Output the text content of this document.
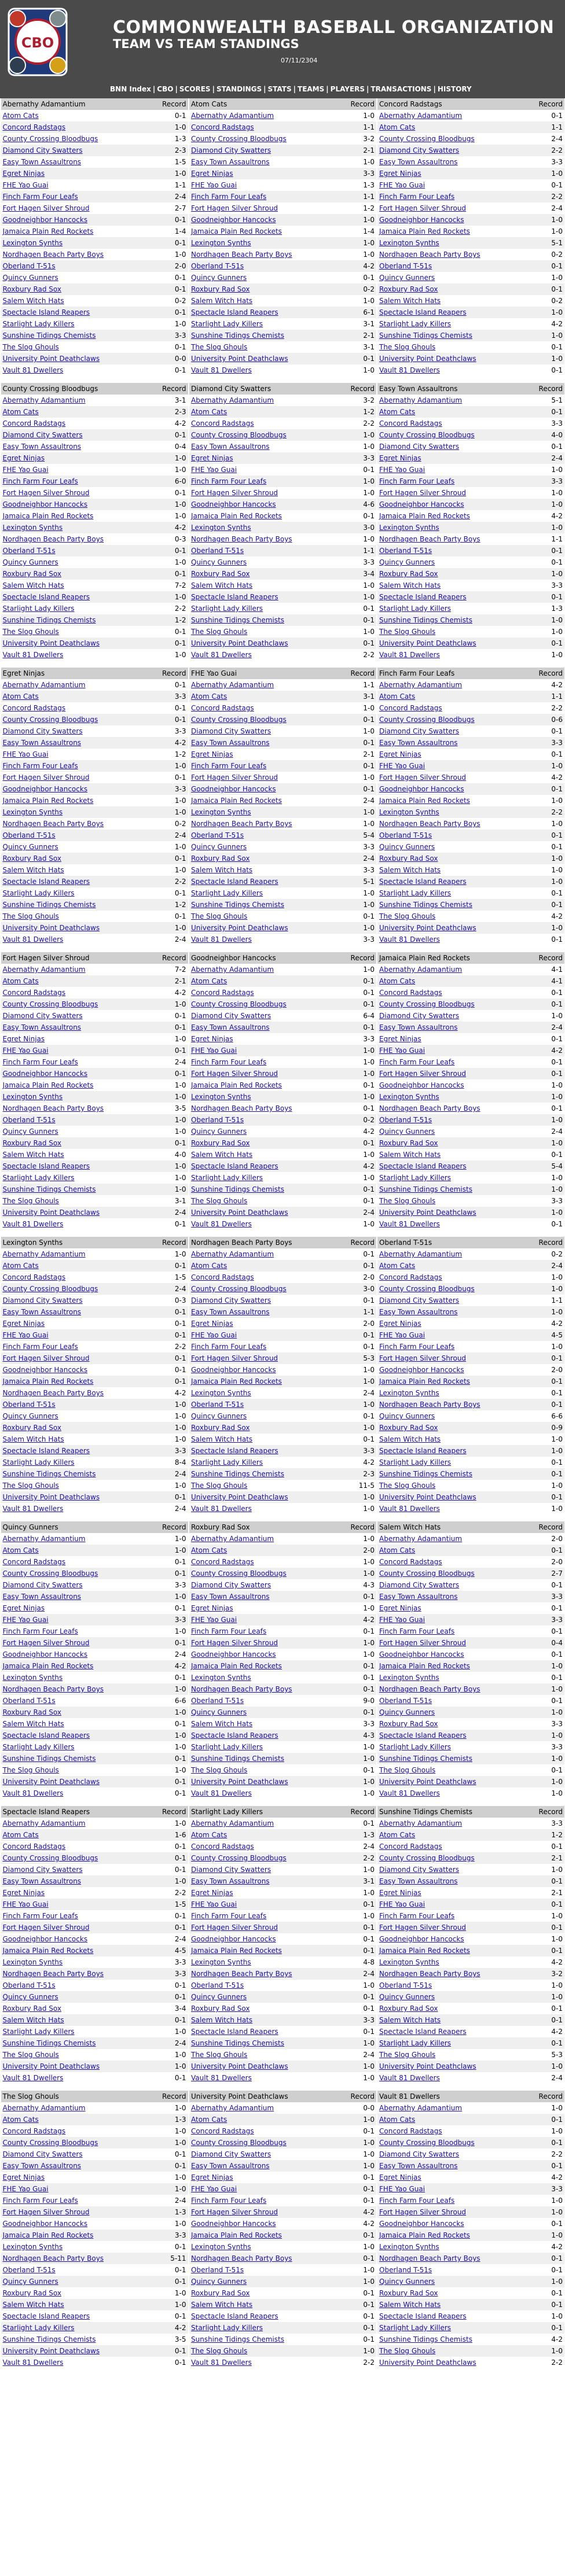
CBO
COMMONWEALTH BASEBALL ORGANIZATION
TEAM VS TEAM STANDINGS
07/11/2304
BNN Index | CBO | SCORES | STANDINGS | STATS | TEAMS | PLAYERS | TRANSACTIONS | HISTORY
Abernathy Adamantium	Record
Atom Cats	0-1
Concord Radstags	1-0
County Crossing Bloodbugs	1-3
Diamond City Swatters	2-3
Easy Town Assaultrons	1-5
Egret Ninjas	1-0
FHE Yao Guai	1-1
Finch Farm Four Leafs	2-4
Fort Hagen Silver Shroud	2-7
Goodneighbor Hancocks	0-1
Jamaica Plain Red Rockets	1-4
Lexington Synths	0-1
Nordhagen Beach Party Boys	1-0
Oberland T-51s	2-0
Quincy Gunners	0-1
Roxbury Rad Sox	0-1
Salem Witch Hats	0-2
Spectacle Island Reapers	0-1
Starlight Lady Killers	1-0
Sunshine Tidings Chemists	3-3
The Slog Ghouls	0-1
University Point Deathclaws	0-0
Vault 81 Dwellers	0-1
Atom Cats	Record
Abernathy Adamantium	1-0
Concord Radstags	1-1
County Crossing Bloodbugs	3-2
Diamond City Swatters	2-1
Easy Town Assaultrons	1-0
Egret Ninjas	3-3
FHE Yao Guai	1-3
Finch Farm Four Leafs	1-1
Fort Hagen Silver Shroud	1-2
Goodneighbor Hancocks	1-0
Jamaica Plain Red Rockets	1-4
Lexington Synths	1-0
Nordhagen Beach Party Boys	1-0
Oberland T-51s	4-2
Quincy Gunners	0-1
Roxbury Rad Sox	0-2
Salem Witch Hats	1-0
Spectacle Island Reapers	6-1
Starlight Lady Killers	3-1
Sunshine Tidings Chemists	2-1
The Slog Ghouls	3-1
University Point Deathclaws	0-1
Vault 81 Dwellers	1-0
Concord Radstags	Record
Abernathy Adamantium	0-1
Atom Cats	1-1
County Crossing Bloodbugs	2-4
Diamond City Swatters	2-2
Easy Town Assaultrons	3-3
Egret Ninjas	1-0
FHE Yao Guai	0-1
Finch Farm Four Leafs	2-2
Fort Hagen Silver Shroud	2-4
Goodneighbor Hancocks	1-0
Jamaica Plain Red Rockets	1-0
Lexington Synths	5-1
Nordhagen Beach Party Boys	0-2
Oberland T-51s	0-1
Quincy Gunners	1-0
Roxbury Rad Sox	0-1
Salem Witch Hats	0-2
Spectacle Island Reapers	1-0
Starlight Lady Killers	4-2
Sunshine Tidings Chemists	1-0
The Slog Ghouls	0-1
University Point Deathclaws	1-0
Vault 81 Dwellers	0-1
County Crossing Bloodbugs	Record
Abernathy Adamantium	3-1
Atom Cats	2-3
Concord Radstags	4-2
Diamond City Swatters	0-1
Easy Town Assaultrons	0-4
Egret Ninjas	1-0
FHE Yao Guai	1-0
Finch Farm Four Leafs	6-0
Fort Hagen Silver Shroud	0-1
Goodneighbor Hancocks	1-0
Jamaica Plain Red Rockets	1-0
Lexington Synths	4-2
Nordhagen Beach Party Boys	0-3
Oberland T-51s	0-1
Quincy Gunners	1-0
Roxbury Rad Sox	0-1
Salem Witch Hats	7-2
Spectacle Island Reapers	1-0
Starlight Lady Killers	2-2
Sunshine Tidings Chemists	1-2
The Slog Ghouls	0-1
University Point Deathclaws	0-1
Vault 81 Dwellers	1-0
Diamond City Swatters	Record
Abernathy Adamantium	3-2
Atom Cats	1-2
Concord Radstags	2-2
County Crossing Bloodbugs	1-0
Easy Town Assaultrons	1-0
Egret Ninjas	3-3
FHE Yao Guai	0-1
Finch Farm Four Leafs	1-0
Fort Hagen Silver Shroud	1-0
Goodneighbor Hancocks	4-6
Jamaica Plain Red Rockets	0-1
Lexington Synths	3-0
Nordhagen Beach Party Boys	1-0
Oberland T-51s	1-1
Quincy Gunners	3-3
Roxbury Rad Sox	3-4
Salem Witch Hats	1-0
Spectacle Island Reapers	1-0
Starlight Lady Killers	0-1
Sunshine Tidings Chemists	0-1
The Slog Ghouls	1-0
University Point Deathclaws	0-1
Vault 81 Dwellers	2-2
Easy Town Assaultrons	Record
Abernathy Adamantium	5-1
Atom Cats	0-1
Concord Radstags	3-3
County Crossing Bloodbugs	4-0
Diamond City Swatters	0-1
Egret Ninjas	2-4
FHE Yao Guai	1-0
Finch Farm Four Leafs	3-3
Fort Hagen Silver Shroud	1-0
Goodneighbor Hancocks	1-0
Jamaica Plain Red Rockets	4-2
Lexington Synths	1-0
Nordhagen Beach Party Boys	1-1
Oberland T-51s	0-1
Quincy Gunners	0-1
Roxbury Rad Sox	1-0
Salem Witch Hats	3-3
Spectacle Island Reapers	0-1
Starlight Lady Killers	1-3
Sunshine Tidings Chemists	1-0
The Slog Ghouls	1-0
University Point Deathclaws	0-1
Vault 81 Dwellers	1-0
Egret Ninjas	Record
Abernathy Adamantium	0-1
Atom Cats	3-3
Concord Radstags	0-1
County Crossing Bloodbugs	0-1
Diamond City Swatters	3-3
Easy Town Assaultrons	4-2
FHE Yao Guai	1-2
Finch Farm Four Leafs	1-0
Fort Hagen Silver Shroud	0-1
Goodneighbor Hancocks	3-3
Jamaica Plain Red Rockets	1-0
Lexington Synths	1-0
Nordhagen Beach Party Boys	0-2
Oberland T-51s	2-4
Quincy Gunners	1-0
Roxbury Rad Sox	0-1
Salem Witch Hats	1-0
Spectacle Island Reapers	2-2
Starlight Lady Killers	0-1
Sunshine Tidings Chemists	1-2
The Slog Ghouls	0-1
University Point Deathclaws	1-0
Vault 81 Dwellers	2-4
FHE Yao Guai	Record
Abernathy Adamantium	1-1
Atom Cats	3-1
Concord Radstags	1-0
County Crossing Bloodbugs	0-1
Diamond City Swatters	1-0
Easy Town Assaultrons	0-1
Egret Ninjas	2-1
Finch Farm Four Leafs	0-1
Fort Hagen Silver Shroud	1-0
Goodneighbor Hancocks	0-1
Jamaica Plain Red Rockets	2-4
Lexington Synths	1-0
Nordhagen Beach Party Boys	1-0
Oberland T-51s	5-4
Quincy Gunners	3-3
Roxbury Rad Sox	2-4
Salem Witch Hats	3-3
Spectacle Island Reapers	5-1
Starlight Lady Killers	1-0
Sunshine Tidings Chemists	1-0
The Slog Ghouls	0-1
University Point Deathclaws	1-0
Vault 81 Dwellers	3-3
Finch Farm Four Leafs	Record
Abernathy Adamantium	4-2
Atom Cats	1-1
Concord Radstags	2-2
County Crossing Bloodbugs	0-6
Diamond City Swatters	0-1
Easy Town Assaultrons	3-3
Egret Ninjas	0-1
FHE Yao Guai	1-0
Fort Hagen Silver Shroud	4-2
Goodneighbor Hancocks	0-1
Jamaica Plain Red Rockets	1-0
Lexington Synths	2-2
Nordhagen Beach Party Boys	1-0
Oberland T-51s	0-1
Quincy Gunners	0-1
Roxbury Rad Sox	1-0
Salem Witch Hats	1-0
Spectacle Island Reapers	1-0
Starlight Lady Killers	0-1
Sunshine Tidings Chemists	0-1
The Slog Ghouls	4-2
University Point Deathclaws	1-0
Vault 81 Dwellers	0-1
Fort Hagen Silver Shroud	Record
Abernathy Adamantium	7-2
Atom Cats	2-1
Concord Radstags	4-2
County Crossing Bloodbugs	1-0
Diamond City Swatters	0-1
Easy Town Assaultrons	0-1
Egret Ninjas	1-0
FHE Yao Guai	0-1
Finch Farm Four Leafs	2-4
Goodneighbor Hancocks	0-1
Jamaica Plain Red Rockets	1-0
Lexington Synths	1-0
Nordhagen Beach Party Boys	3-5
Oberland T-51s	1-0
Quincy Gunners	1-0
Roxbury Rad Sox	0-1
Salem Witch Hats	4-0
Spectacle Island Reapers	1-0
Starlight Lady Killers	1-0
Sunshine Tidings Chemists	1-0
The Slog Ghouls	3-1
University Point Deathclaws	2-4
Vault 81 Dwellers	0-1
Goodneighbor Hancocks	Record
Abernathy Adamantium	1-0
Atom Cats	0-1
Concord Radstags	0-1
County Crossing Bloodbugs	0-1
Diamond City Swatters	6-4
Easy Town Assaultrons	0-1
Egret Ninjas	3-3
FHE Yao Guai	1-0
Finch Farm Four Leafs	1-0
Fort Hagen Silver Shroud	1-0
Jamaica Plain Red Rockets	0-1
Lexington Synths	1-0
Nordhagen Beach Party Boys	0-1
Oberland T-51s	0-2
Quincy Gunners	4-2
Roxbury Rad Sox	0-1
Salem Witch Hats	1-0
Spectacle Island Reapers	4-2
Starlight Lady Killers	1-0
Sunshine Tidings Chemists	0-1
The Slog Ghouls	0-1
University Point Deathclaws	2-4
Vault 81 Dwellers	1-0
Jamaica Plain Red Rockets	Record
Abernathy Adamantium	4-1
Atom Cats	4-1
Concord Radstags	0-1
County Crossing Bloodbugs	0-1
Diamond City Swatters	1-0
Easy Town Assaultrons	2-4
Egret Ninjas	0-1
FHE Yao Guai	4-2
Finch Farm Four Leafs	0-1
Fort Hagen Silver Shroud	0-1
Goodneighbor Hancocks	1-0
Lexington Synths	1-0
Nordhagen Beach Party Boys	0-1
Oberland T-51s	1-0
Quincy Gunners	2-4
Roxbury Rad Sox	1-0
Salem Witch Hats	0-1
Spectacle Island Reapers	5-4
Starlight Lady Killers	1-0
Sunshine Tidings Chemists	1-0
The Slog Ghouls	3-3
University Point Deathclaws	1-0
Vault 81 Dwellers	0-1
Lexington Synths	Record
Abernathy Adamantium	1-0
Atom Cats	0-1
Concord Radstags	1-5
County Crossing Bloodbugs	2-4
Diamond City Swatters	0-3
Easy Town Assaultrons	0-1
Egret Ninjas	0-1
FHE Yao Guai	0-1
Finch Farm Four Leafs	2-2
Fort Hagen Silver Shroud	0-1
Goodneighbor Hancocks	0-1
Jamaica Plain Red Rockets	0-1
Nordhagen Beach Party Boys	4-2
Oberland T-51s	1-0
Quincy Gunners	1-0
Roxbury Rad Sox	1-0
Salem Witch Hats	1-0
Spectacle Island Reapers	3-3
Starlight Lady Killers	8-4
Sunshine Tidings Chemists	2-4
The Slog Ghouls	1-0
University Point Deathclaws	0-1
Vault 81 Dwellers	2-4
Nordhagen Beach Party Boys	Record
Abernathy Adamantium	0-1
Atom Cats	0-1
Concord Radstags	2-0
County Crossing Bloodbugs	3-0
Diamond City Swatters	0-1
Easy Town Assaultrons	1-1
Egret Ninjas	2-0
FHE Yao Guai	0-1
Finch Farm Four Leafs	0-1
Fort Hagen Silver Shroud	5-3
Goodneighbor Hancocks	1-0
Jamaica Plain Red Rockets	1-0
Lexington Synths	2-4
Oberland T-51s	1-0
Quincy Gunners	0-1
Roxbury Rad Sox	1-0
Salem Witch Hats	0-1
Spectacle Island Reapers	3-3
Starlight Lady Killers	4-2
Sunshine Tidings Chemists	2-3
The Slog Ghouls	11-5
University Point Deathclaws	1-0
Vault 81 Dwellers	1-0
Oberland T-51s	Record
Abernathy Adamantium	0-2
Atom Cats	2-4
Concord Radstags	1-0
County Crossing Bloodbugs	1-0
Diamond City Swatters	1-1
Easy Town Assaultrons	1-0
Egret Ninjas	4-2
FHE Yao Guai	4-5
Finch Farm Four Leafs	1-0
Fort Hagen Silver Shroud	0-1
Goodneighbor Hancocks	2-0
Jamaica Plain Red Rockets	0-1
Lexington Synths	0-1
Nordhagen Beach Party Boys	0-1
Quincy Gunners	6-6
Roxbury Rad Sox	0-9
Salem Witch Hats	1-0
Spectacle Island Reapers	1-0
Starlight Lady Killers	0-1
Sunshine Tidings Chemists	0-1
The Slog Ghouls	1-0
University Point Deathclaws	0-1
Vault 81 Dwellers	1-0
Quincy Gunners	Record
Abernathy Adamantium	1-0
Atom Cats	1-0
Concord Radstags	0-1
County Crossing Bloodbugs	0-1
Diamond City Swatters	3-3
Easy Town Assaultrons	1-0
Egret Ninjas	0-1
FHE Yao Guai	3-3
Finch Farm Four Leafs	1-0
Fort Hagen Silver Shroud	0-1
Goodneighbor Hancocks	2-4
Jamaica Plain Red Rockets	4-2
Lexington Synths	0-1
Nordhagen Beach Party Boys	1-0
Oberland T-51s	6-6
Roxbury Rad Sox	1-0
Salem Witch Hats	0-1
Spectacle Island Reapers	1-0
Starlight Lady Killers	1-0
Sunshine Tidings Chemists	0-1
The Slog Ghouls	1-0
University Point Deathclaws	0-1
Vault 81 Dwellers	0-1
Roxbury Rad Sox	Record
Abernathy Adamantium	1-0
Atom Cats	2-0
Concord Radstags	1-0
County Crossing Bloodbugs	1-0
Diamond City Swatters	4-3
Easy Town Assaultrons	0-1
Egret Ninjas	1-0
FHE Yao Guai	4-2
Finch Farm Four Leafs	0-1
Fort Hagen Silver Shroud	1-0
Goodneighbor Hancocks	1-0
Jamaica Plain Red Rockets	0-1
Lexington Synths	0-1
Nordhagen Beach Party Boys	0-1
Oberland T-51s	9-0
Quincy Gunners	0-1
Salem Witch Hats	3-3
Spectacle Island Reapers	4-3
Starlight Lady Killers	1-0
Sunshine Tidings Chemists	1-0
The Slog Ghouls	0-1
University Point Deathclaws	1-0
Vault 81 Dwellers	1-0
Salem Witch Hats	Record
Abernathy Adamantium	2-0
Atom Cats	0-1
Concord Radstags	2-0
County Crossing Bloodbugs	2-7
Diamond City Swatters	0-1
Easy Town Assaultrons	3-3
Egret Ninjas	0-1
FHE Yao Guai	3-3
Finch Farm Four Leafs	0-1
Fort Hagen Silver Shroud	0-4
Goodneighbor Hancocks	0-1
Jamaica Plain Red Rockets	1-0
Lexington Synths	0-1
Nordhagen Beach Party Boys	1-0
Oberland T-51s	0-1
Quincy Gunners	1-0
Roxbury Rad Sox	3-3
Spectacle Island Reapers	1-0
Starlight Lady Killers	3-3
Sunshine Tidings Chemists	1-0
The Slog Ghouls	0-1
University Point Deathclaws	1-0
Vault 81 Dwellers	1-0
Spectacle Island Reapers	Record
Abernathy Adamantium	1-0
Atom Cats	1-6
Concord Radstags	0-1
County Crossing Bloodbugs	0-1
Diamond City Swatters	0-1
Easy Town Assaultrons	1-0
Egret Ninjas	2-2
FHE Yao Guai	1-5
Finch Farm Four Leafs	0-1
Fort Hagen Silver Shroud	0-1
Goodneighbor Hancocks	2-4
Jamaica Plain Red Rockets	4-5
Lexington Synths	3-3
Nordhagen Beach Party Boys	3-3
Oberland T-51s	0-1
Quincy Gunners	0-1
Roxbury Rad Sox	3-4
Salem Witch Hats	0-1
Starlight Lady Killers	1-0
Sunshine Tidings Chemists	2-4
The Slog Ghouls	1-0
University Point Deathclaws	1-0
Vault 81 Dwellers	0-1
Starlight Lady Killers	Record
Abernathy Adamantium	0-1
Atom Cats	1-3
Concord Radstags	2-4
County Crossing Bloodbugs	2-2
Diamond City Swatters	1-0
Easy Town Assaultrons	3-1
Egret Ninjas	1-0
FHE Yao Guai	0-1
Finch Farm Four Leafs	1-0
Fort Hagen Silver Shroud	0-1
Goodneighbor Hancocks	0-1
Jamaica Plain Red Rockets	0-1
Lexington Synths	4-8
Nordhagen Beach Party Boys	2-4
Oberland T-51s	1-0
Quincy Gunners	0-1
Roxbury Rad Sox	0-1
Salem Witch Hats	3-3
Spectacle Island Reapers	0-1
Sunshine Tidings Chemists	1-0
The Slog Ghouls	2-4
University Point Deathclaws	1-0
Vault 81 Dwellers	1-0
Sunshine Tidings Chemists	Record
Abernathy Adamantium	3-3
Atom Cats	1-2
Concord Radstags	0-1
County Crossing Bloodbugs	2-1
Diamond City Swatters	1-0
Easy Town Assaultrons	0-1
Egret Ninjas	2-1
FHE Yao Guai	0-1
Finch Farm Four Leafs	1-0
Fort Hagen Silver Shroud	0-1
Goodneighbor Hancocks	1-0
Jamaica Plain Red Rockets	0-1
Lexington Synths	4-2
Nordhagen Beach Party Boys	3-2
Oberland T-51s	1-0
Quincy Gunners	1-0
Roxbury Rad Sox	0-1
Salem Witch Hats	0-1
Spectacle Island Reapers	4-2
Starlight Lady Killers	0-1
The Slog Ghouls	5-3
University Point Deathclaws	1-0
Vault 81 Dwellers	2-4
The Slog Ghouls	Record
Abernathy Adamantium	1-0
Atom Cats	1-3
Concord Radstags	1-0
County Crossing Bloodbugs	1-0
Diamond City Swatters	0-1
Easy Town Assaultrons	0-1
Egret Ninjas	1-0
FHE Yao Guai	1-0
Finch Farm Four Leafs	2-4
Fort Hagen Silver Shroud	1-3
Goodneighbor Hancocks	1-0
Jamaica Plain Red Rockets	3-3
Lexington Synths	0-1
Nordhagen Beach Party Boys	5-11
Oberland T-51s	0-1
Quincy Gunners	0-1
Roxbury Rad Sox	1-0
Salem Witch Hats	1-0
Spectacle Island Reapers	0-1
Starlight Lady Killers	4-2
Sunshine Tidings Chemists	3-5
University Point Deathclaws	0-1
Vault 81 Dwellers	0-1
University Point Deathclaws	Record
Abernathy Adamantium	0-0
Atom Cats	1-0
Concord Radstags	0-1
County Crossing Bloodbugs	1-0
Diamond City Swatters	1-0
Easy Town Assaultrons	1-0
Egret Ninjas	0-1
FHE Yao Guai	0-1
Finch Farm Four Leafs	0-1
Fort Hagen Silver Shroud	4-2
Goodneighbor Hancocks	4-2
Jamaica Plain Red Rockets	0-1
Lexington Synths	1-0
Nordhagen Beach Party Boys	0-1
Oberland T-51s	1-0
Quincy Gunners	1-0
Roxbury Rad Sox	0-1
Salem Witch Hats	0-1
Spectacle Island Reapers	0-1
Starlight Lady Killers	0-1
Sunshine Tidings Chemists	0-1
The Slog Ghouls	1-0
Vault 81 Dwellers	2-2
Vault 81 Dwellers	Record
Abernathy Adamantium	1-0
Atom Cats	0-1
Concord Radstags	1-0
County Crossing Bloodbugs	0-1
Diamond City Swatters	2-2
Easy Town Assaultrons	0-1
Egret Ninjas	4-2
FHE Yao Guai	3-3
Finch Farm Four Leafs	1-0
Fort Hagen Silver Shroud	1-0
Goodneighbor Hancocks	0-1
Jamaica Plain Red Rockets	1-0
Lexington Synths	4-2
Nordhagen Beach Party Boys	0-1
Oberland T-51s	0-1
Quincy Gunners	1-0
Roxbury Rad Sox	0-1
Salem Witch Hats	0-1
Spectacle Island Reapers	1-0
Starlight Lady Killers	0-1
Sunshine Tidings Chemists	4-2
The Slog Ghouls	1-0
University Point Deathclaws	2-2
